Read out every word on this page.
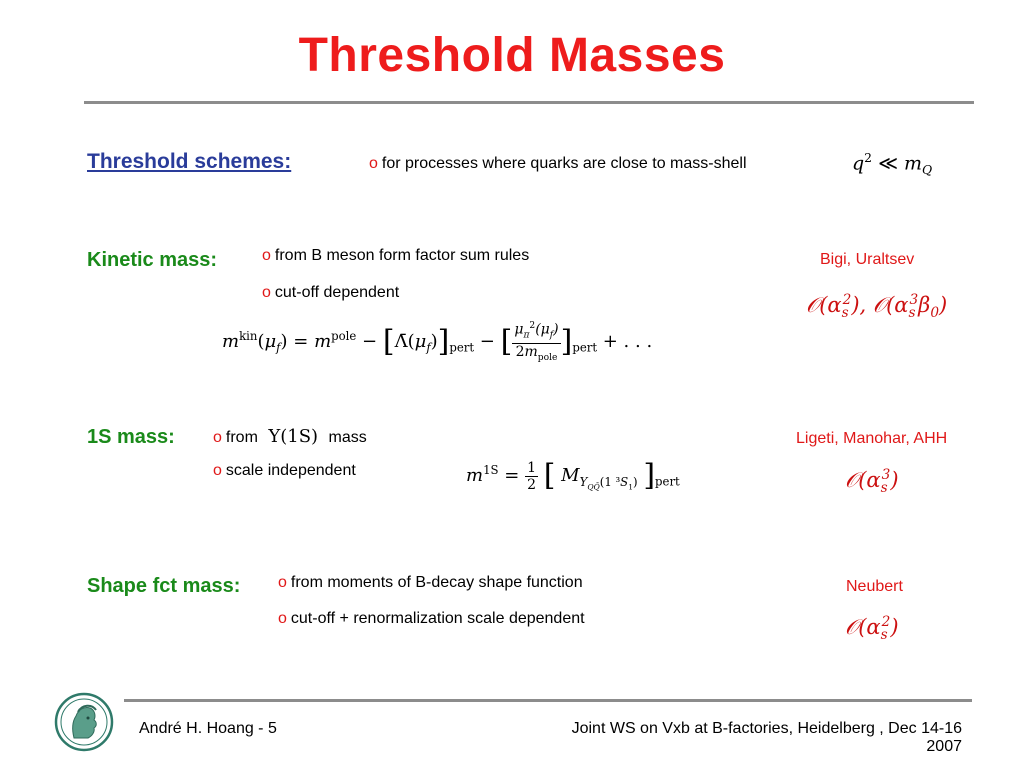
Threshold Masses
Threshold schemes:	o for processes where quarks are close to mass-shell	$q^2$ ≪ $m_Q$
Kinetic mass:	o from B meson form factor sum rules
o cut-off dependent
Bigi, Uraltsev
$𝒪(\alpha_s^2)$, $𝒪(\alpha_s^3\beta_0)$
$m^{kin}(\mu_f) = m^{pole}$ − $[\Lambdā(\mu_f)]_{pert}$ − [ $\frac{\mu_\pi^2(\mu_f)}{2m_{pole}} ]_{pert}$ + . . .
1S mass: o from Υ(1S) mass
o scale independent
Ligeti, Manohar, AHH
$𝒪(\alpha_s^3)$
$m^{1S} = \frac{1}{2}$ [ $M_{\Upsilon_{QQ̄}(1 ^3S_1)}$ ]$_{pert}$
Shape fct mass: o from moments of B-decay shape function
o cut-off + renormalization scale dependent
Neubert
$𝒪(\alpha_s^2)$
André H. Hoang - 5	Joint WS on Vxb at B-factories, Heidelberg , Dec 14-16
2007
